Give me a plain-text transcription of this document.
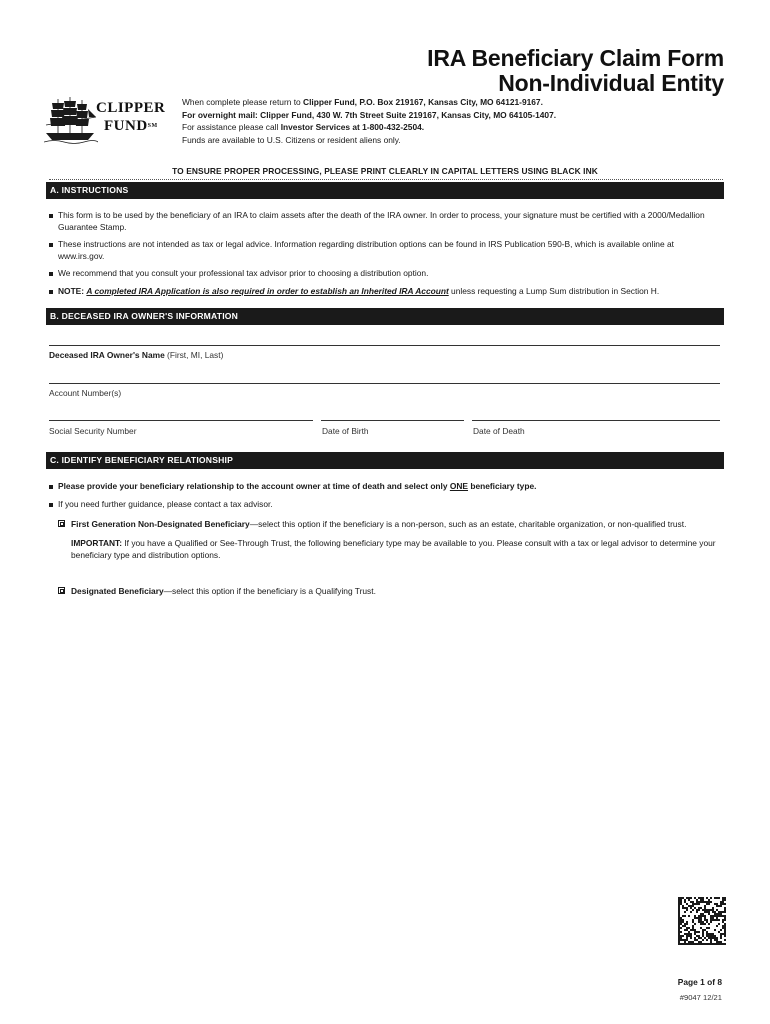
IRA Beneficiary Claim Form
Non-Individual Entity
CLIPPER
FUND℠
When complete please return to Clipper Fund, P.O. Box 219167, Kansas City, MO 64121-9167.
For overnight mail: Clipper Fund, 430 W. 7th Street Suite 219167, Kansas City, MO 64105-1407.
For assistance please call Investor Services at 1-800-432-2504.
Funds are available to U.S. Citizens or resident aliens only.
TO ENSURE PROPER PROCESSING, PLEASE PRINT CLEARLY IN CAPITAL LETTERS USING BLACK INK
A. INSTRUCTIONS
This form is to be used by the beneficiary of an IRA to claim assets after the death of the IRA owner. In order to process, your signature must be certified with a 2000/Medallion Guarantee Stamp.
These instructions are not intended as tax or legal advice. Information regarding distribution options can be found in IRS Publication 590-B, which is available online at www.irs.gov.
We recommend that you consult your professional tax advisor prior to choosing a distribution option.
NOTE: A completed IRA Application is also required in order to establish an Inherited IRA Account unless requesting a Lump Sum distribution in Section H.
B. DECEASED IRA OWNER'S INFORMATION
Deceased IRA Owner's Name (First, MI, Last)
Account Number(s)
Social Security Number	Date of Birth	Date of Death
C. IDENTIFY BENEFICIARY RELATIONSHIP
Please provide your beneficiary relationship to the account owner at time of death and select only ONE beneficiary type.
If you need further guidance, please contact a tax advisor.
First Generation Non-Designated Beneficiary—select this option if the beneficiary is a non-person, such as an estate, charitable organization, or non-qualified trust.
IMPORTANT: If you have a Qualified or See-Through Trust, the following beneficiary type may be available to you. Please consult with a tax or legal advisor to determine your beneficiary type and distribution options.
Designated Beneficiary—select this option if the beneficiary is a Qualifying Trust.
Page 1 of 8
#9047 12/21
